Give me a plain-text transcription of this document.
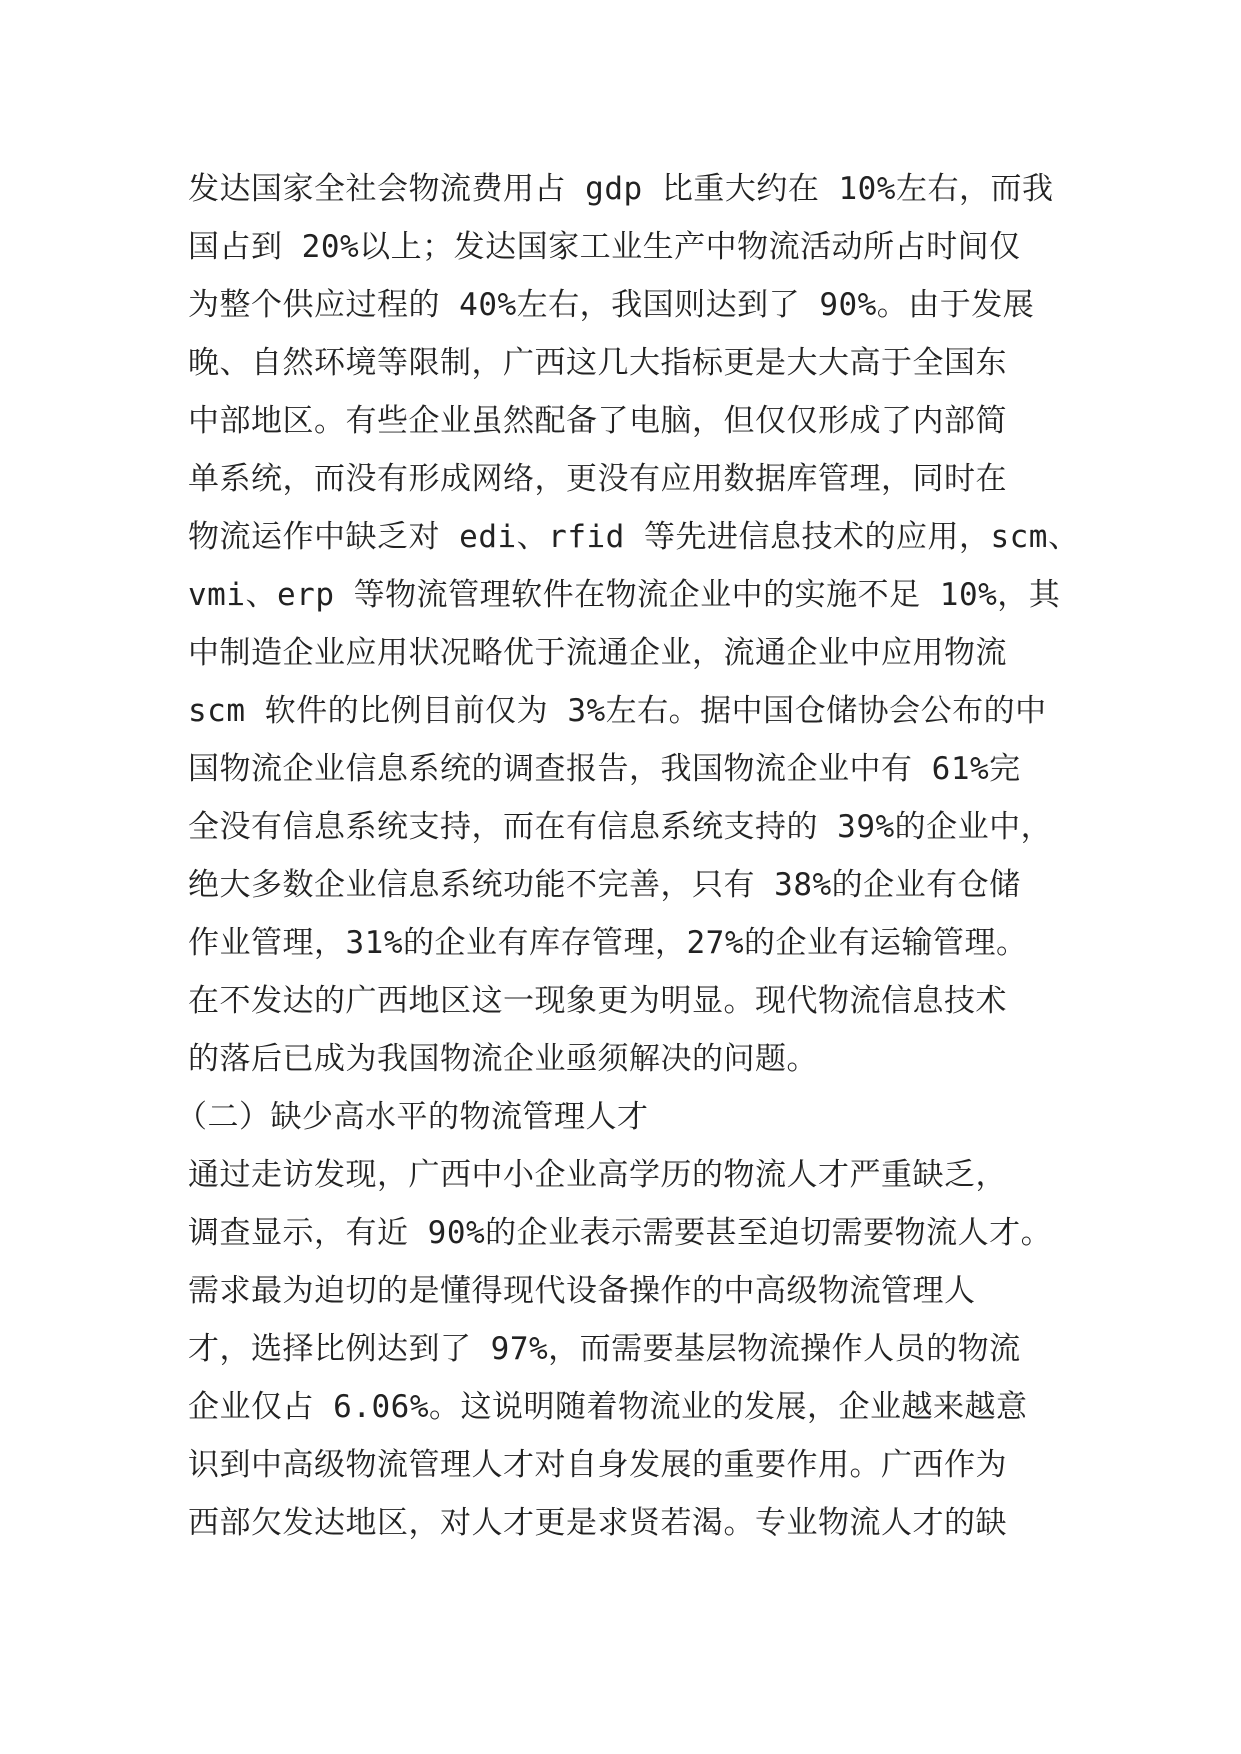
发达国家全社会物流费用占 gdp 比重大约在 10%左右，而我
国占到 20%以上；发达国家工业生产中物流活动所占时间仅
为整个供应过程的 40%左右，我国则达到了 90%。由于发展
晚、自然环境等限制，广西这几大指标更是大大高于全国东
中部地区。有些企业虽然配备了电脑，但仅仅形成了内部简
单系统，而没有形成网络，更没有应用数据库管理，同时在
物流运作中缺乏对 edi、rfid 等先进信息技术的应用，scm、
vmi、erp 等物流管理软件在物流企业中的实施不足 10%，其
中制造企业应用状况略优于流通企业，流通企业中应用物流
scm 软件的比例目前仅为 3%左右。据中国仓储协会公布的中
国物流企业信息系统的调查报告，我国物流企业中有 61%完
全没有信息系统支持，而在有信息系统支持的 39%的企业中，
绝大多数企业信息系统功能不完善，只有 38%的企业有仓储
作业管理，31%的企业有库存管理，27%的企业有运输管理。
在不发达的广西地区这一现象更为明显。现代物流信息技术
的落后已成为我国物流企业亟须解决的问题。
（二）缺少高水平的物流管理人才
通过走访发现，广西中小企业高学历的物流人才严重缺乏，
调查显示，有近 90%的企业表示需要甚至迫切需要物流人才。
需求最为迫切的是懂得现代设备操作的中高级物流管理人
才，选择比例达到了 97%，而需要基层物流操作人员的物流
企业仅占 6.06%。这说明随着物流业的发展，企业越来越意
识到中高级物流管理人才对自身发展的重要作用。广西作为
西部欠发达地区，对人才更是求贤若渴。专业物流人才的缺
